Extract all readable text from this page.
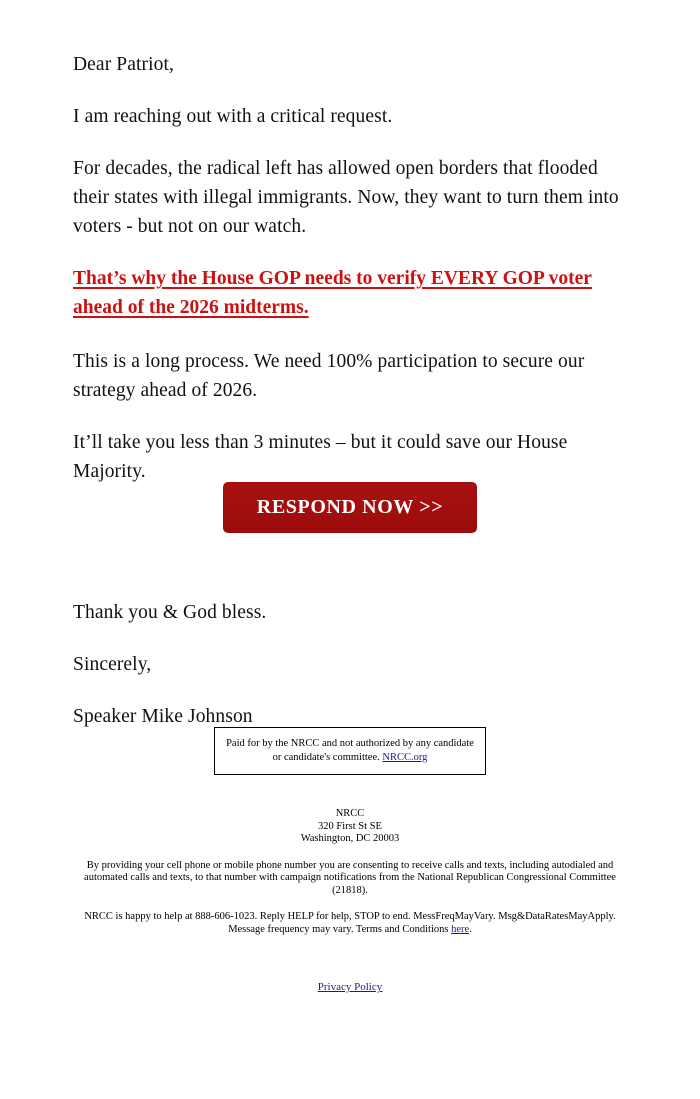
Dear Patriot,

I am reaching out with a critical request.

For decades, the radical left has allowed open borders that flooded their states with illegal immigrants. Now, they want to turn them into voters - but not on our watch.

That’s why the House GOP needs to verify EVERY GOP voter ahead of the 2026 midterms.

This is a long process. We need 100% participation to secure our strategy ahead of 2026.

It’ll take you less than 3 minutes – but it could save our House Majority.

RESPOND NOW >>

Thank you & God bless.

Sincerely,

Speaker Mike Johnson

Paid for by the NRCC and not authorized by any candidate or candidate's committee. NRCC.org
NRCC
320 First St SE
Washington, DC 20003

By providing your cell phone or mobile phone number you are consenting to receive calls and texts, including autodialed and automated calls and texts, to that number with campaign notifications from the National Republican Congressional Committee (21818).

NRCC is happy to help at 888-606-1023. Reply HELP for help, STOP to end. MessFreqMayVary. Msg&DataRatesMayApply. Message frequency may vary. Terms and Conditions here.

Privacy Policy
